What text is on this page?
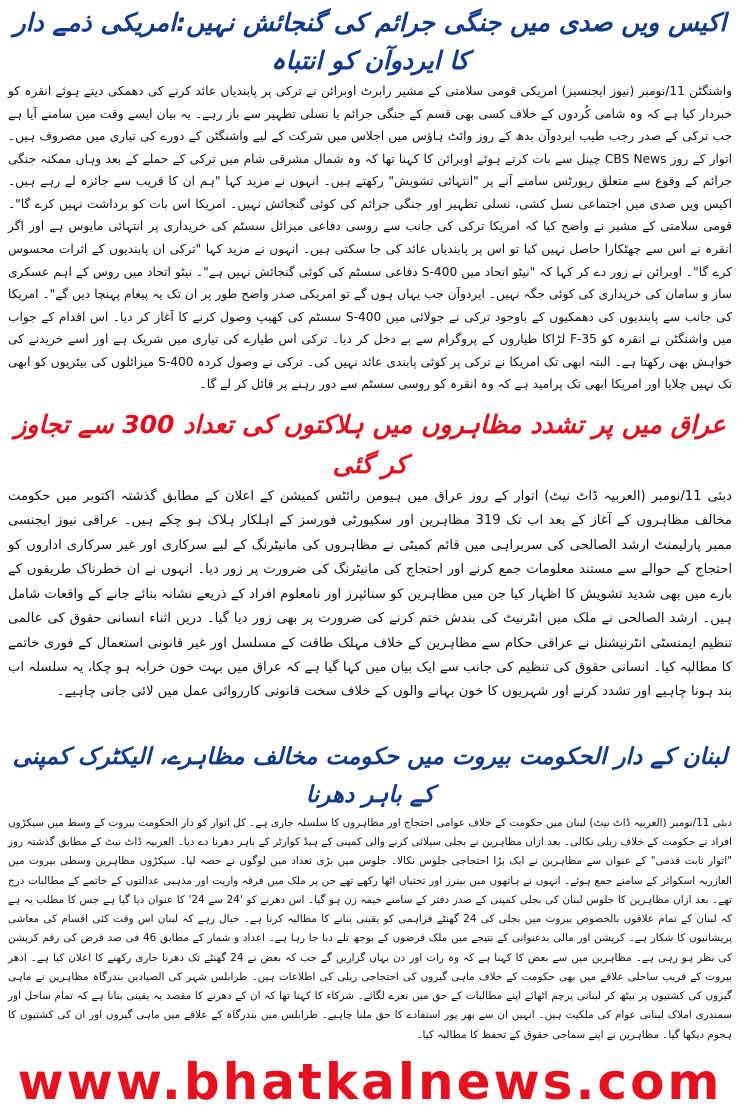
اکیس ویں صدی میں جنگی جرائم کی گنجائش نہیں:امریکی ذمے دار کا ایردوآن کو انتباہ

واشنگٹن 11/نومبر (نیوز ایجنسیز) امریکی قومی سلامتی کے مشیر رابرٹ اوبرائن نے ترکی پر پابندیاں عائد کرنے کی دھمکی دیتے ہوئے انقرہ کو خبردار کیا ہے کہ وہ شامی کُردوں کے خلاف کسی بھی قسم کے جنگی جرائم یا نسلی تطہیر سے باز رہے۔ یہ بیان ایسے وقت میں سامنے آیا ہے جب ترکی کے صدر رجب طیب ایردوآن بدھ کے روز وائٹ ہاؤس میں اجلاس میں شرکت کے لیے واشنگٹن کے دورے کی تیاری میں مصروف ہیں۔ اتوار کے روز CBS News چینل سے بات کرتے ہوئے اوبرائن کا کہنا تھا کہ وہ شمال مشرقی شام میں ترکی کے حملے کے بعد وہاں ممکنہ جنگی جرائم کے وقوع سے متعلق رپورٹس سامنے آنے پر "انتہائی تشویش" رکھتے ہیں۔ انہوں نے مزید کہا "ہم ان کا قریب سے جائزہ لے رہے ہیں۔ اکیس ویں صدی میں اجتماعی نسل کشی، نسلی تطہیر اور جنگی جرائم کی کوئی گنجائش نہیں۔ امریکا اس بات کو برداشت نہیں کرے گا"۔ قومی سلامتی کے مشیر نے واضح کیا کہ امریکا ترکی کی جانب سے روسی دفاعی میزائل سسٹم کی خریداری پر انتہائی مایوس ہے اور اگر انقرہ نے اس سے چھٹکارا حاصل نہیں کیا تو اس پر پابندیاں عائد کی جا سکتی ہیں۔ انہوں نے مزید کہا "ترکی ان پابندیوں کے اثرات محسوس کرے گا"۔ اوبرائن نے زور دے کر کہا کہ "نیٹو اتحاد میں S-400 دفاعی سسٹم کی کوئی گنجائش نہیں ہے"۔ نیٹو اتحاد میں روس کے اہم عسکری ساز و سامان کی خریداری کی کوئی جگہ نہیں۔ ایردوآن جب یہاں ہوں گے تو امریکی صدر واضح طور پر ان تک یہ پیغام پہنچا دیں گے"۔ امریکا کی جانب سے پابندیوں کی دھمکیوں کے باوجود ترکی نے جولائی میں S-400 سسٹم کی کھیپ وصول کرنے کا آغاز کر دیا۔ اس اقدام کے جواب میں واشنگٹن نے انقرہ کو F-35 لڑاکا طیاروں کے پروگرام سے بے دخل کر دیا۔ ترکی اس طیارے کی تیاری میں شریک ہے اور اسے خریدنے کی خواہش بھی رکھتا ہے۔ البتہ ابھی تک امریکا نے ترکی پر کوئی پابندی عائد نہیں کی۔ ترکی نے وصول کردہ S-400 میزائلوں کی بیٹریوں کو ابھی تک نہیں چلایا اور امریکا ابھی تک پرامید ہے کہ وہ انقرہ کو روسی سسٹم سے دور رہنے پر قائل کر لے گا۔

عراق میں پر تشدد مظاہروں میں ہلاکتوں کی تعداد 300 سے تجاوز کر گئی

دبئی 11/نومبر (العربیہ ڈاٹ نیٹ) اتوار کے روز عراق میں ہیومن رائٹس کمیشن کے اعلان کے مطابق گذشتہ اکتوبر میں حکومت مخالف مظاہروں کے آغاز کے بعد اب تک 319 مظاہرین اور سکیورٹی فورسز کے اہلکار ہلاک ہو چکے ہیں۔ عراقی نیوز ایجنسی ممبر پارلیمنٹ ارشد الصالحی کی سربراہی میں قائم کمیٹی نے مظاہروں کی مانیٹرنگ کے لیے سرکاری اور غیر سرکاری اداروں کو احتجاج کے حوالے سے مستند معلومات جمع کرنے اور احتجاج کی مانیٹرنگ کی ضرورت پر زور دیا۔ انہوں نے ان خطرناک طریقوں کے بارے میں بھی شدید تشویش کا اظہار کیا جن میں مظاہرین کو سنائپرز اور نامعلوم افراد کے ذریعے نشانہ بنائے جانے کے واقعات شامل ہیں۔ ارشد الصالحی نے ملک میں انٹرنیٹ کی بندش ختم کرنے کی ضرورت پر بھی زور دیا گیا۔ دریں اثناء انسانی حقوق کی عالمی تنظیم ایمنسٹی انٹرنیشنل نے عراقی حکام سے مظاہرین کے خلاف مہلک طاقت کے مسلسل اور غیر قانونی استعمال کے فوری خاتمے کا مطالبہ کیا۔ انسانی حقوق کی تنظیم کی جانب سے ایک بیان میں کہا گیا ہے کہ عراق میں بہت خون خرابہ ہو چکا، یہ سلسلہ اب بند ہونا چاہیے اور تشدد کرنے اور شہریوں کا خون بہانے والوں کے خلاف سخت قانونی کارروائی عمل میں لائی جانی چاہیے۔

لبنان کے دار الحکومت بیروت میں حکومت مخالف مظاہرے، الیکٹرک کمپنی کے باہر دھرنا

دبئی 11/نومبر (العربیہ ڈاٹ نیٹ) لبنان میں حکومت کے خلاف عوامی احتجاج اور مظاہروں کا سلسلہ جاری ہے۔ کل اتوار کو دار الحکومت بیروت کے وسط میں سیکڑوں افراد نے حکومت کے خلاف ریلی نکالی۔ بعد ازاں مظاہرین نے بجلی سپلائی کرنے والی کمپنی کے ہیڈ کوارٹر کے باہر دھرنا دے دیا۔ العربیہ ڈاٹ نیٹ کے مطابق گذشتہ روز "اتوار ثابت قدمی" کے عنوان سے مظاہرین نے ایک بڑا احتجاجی جلوس نکالا۔ جلوس میں بڑی تعداد میں لوگوں نے حصہ لیا۔ سیکڑوں مظاہرین وسطی بیروت میں العازریہ اسکوائر کے سامنے جمع ہوئے۔ انہوں نے ہاتھوں میں بینرز اور تختیاں اٹھا رکھے تھے جن پر ملک میں فرقہ واریت اور مذہبی عدالتوں کے خاتمے کے مطالبات درج تھے۔ بعد ازاں مظاہرین کا جلوس لبنان کی بجلی کمپنی کے صدر دفتر کے سامنے خیمہ زن ہو گیا۔ اس دھرنے کو '24 سے 24' کا عنوان دیا گیا ہے جس کا مطلب یہ ہے کہ لبنان کے تمام علاقوں بالخصوص بیروت میں بجلی کی 24 گھنٹے فراہمی کو یقینی بنانے کا مطالبہ کرنا ہے۔ خیال رہے کہ لبنان اس وقت کئی اقسام کی معاشی پریشانیوں کا شکار ہے۔ کرپشن اور مالی بدعنوانی کے نتیجے میں ملک قرضوں کے بوجھ تلے دبا جا رہا ہے۔ اعداد و شمار کے مطابق 46 فی صد قرض کی رقم کرپشن کی نظر ہو رہی ہے۔ مظاہرین میں سے بعض کا کہنا ہے کہ وہ رات اور دن یہاں گزاریں گے جب کہ بعض نے 24 گھنٹے تک دھرنا جاری رکھنے کا اعلان کیا ہے۔ ادھر بیروت کے قریب ساحلی علاقے میں بھی حکومت کے خلاف ماہی گیروں کی احتجاجی ریلی کی اطلاعات ہیں۔ طرابلس شہر کی الصیادین بندرگاہ مظاہرین نے ماہی گیروں کی کشتیوں پر بیٹھ کر لبنانی پرچم اٹھائے اپنے مطالبات کے حق میں نعرے لگائے۔ شرکاء کا کہنا تھا کہ ان کے دھرنے کا مقصد یہ یقینی بنانا ہے کہ تمام ساحل اور سمندری املاک لبنانی عوام کی ملکیت ہیں۔ انہیں ان سے بھر پور استفادے کا حق ملنا چاہیے۔ طرابلس میں بندرگاہ کے علاقے میں ماہی گیروں اور ان کی کشتیوں کا ہجوم دیکھا گیا۔ مظاہرین نے اپنے سماجی حقوق کے تحفظ کا مطالبہ کیا۔

www.bhatkalnews.com
